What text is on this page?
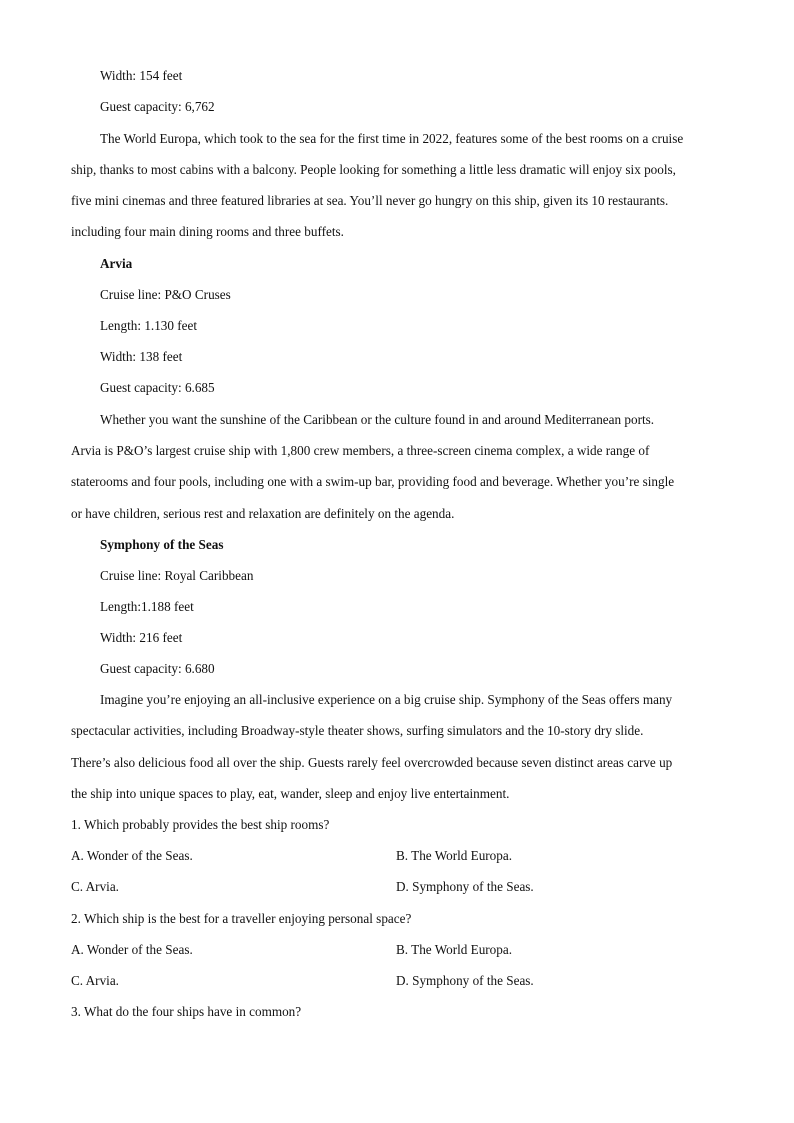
Width: 154 feet
Guest capacity: 6,762
The World Europa, which took to the sea for the first time in 2022, features some of the best rooms on a cruise
ship, thanks to most cabins with a balcony. People looking for something a little less dramatic will enjoy six pools,
five mini cinemas and three featured libraries at sea. You’ll never go hungry on this ship, given its 10 restaurants.
including four main dining rooms and three buffets.
Arvia
Cruise line: P&O Cruses
Length: 1.130 feet
Width: 138 feet
Guest capacity: 6.685
Whether you want the sunshine of the Caribbean or the culture found in and around Mediterranean ports.
Arvia is P&O’s largest cruise ship with 1,800 crew members, a three-screen cinema complex, a wide range of
staterooms and four pools, including one with a swim-up bar, providing food and beverage. Whether you’re single
or have children, serious rest and relaxation are definitely on the agenda.
Symphony of the Seas
Cruise line: Royal Caribbean
Length:1.188 feet
Width: 216 feet
Guest capacity: 6.680
Imagine you’re enjoying an all-inclusive experience on a big cruise ship. Symphony of the Seas offers many
spectacular activities, including Broadway-style theater shows, surfing simulators and the 10-story dry slide.
There’s also delicious food all over the ship. Guests rarely feel overcrowded because seven distinct areas carve up
the ship into unique spaces to play, eat, wander, sleep and enjoy live entertainment.
1. Which probably provides the best ship rooms?
A. Wonder of the Seas.	B. The World Europa.
C. Arvia.	D. Symphony of the Seas.
2. Which ship is the best for a traveller enjoying personal space?
A. Wonder of the Seas.	B. The World Europa.
C. Arvia.	D. Symphony of the Seas.
3. What do the four ships have in common?
